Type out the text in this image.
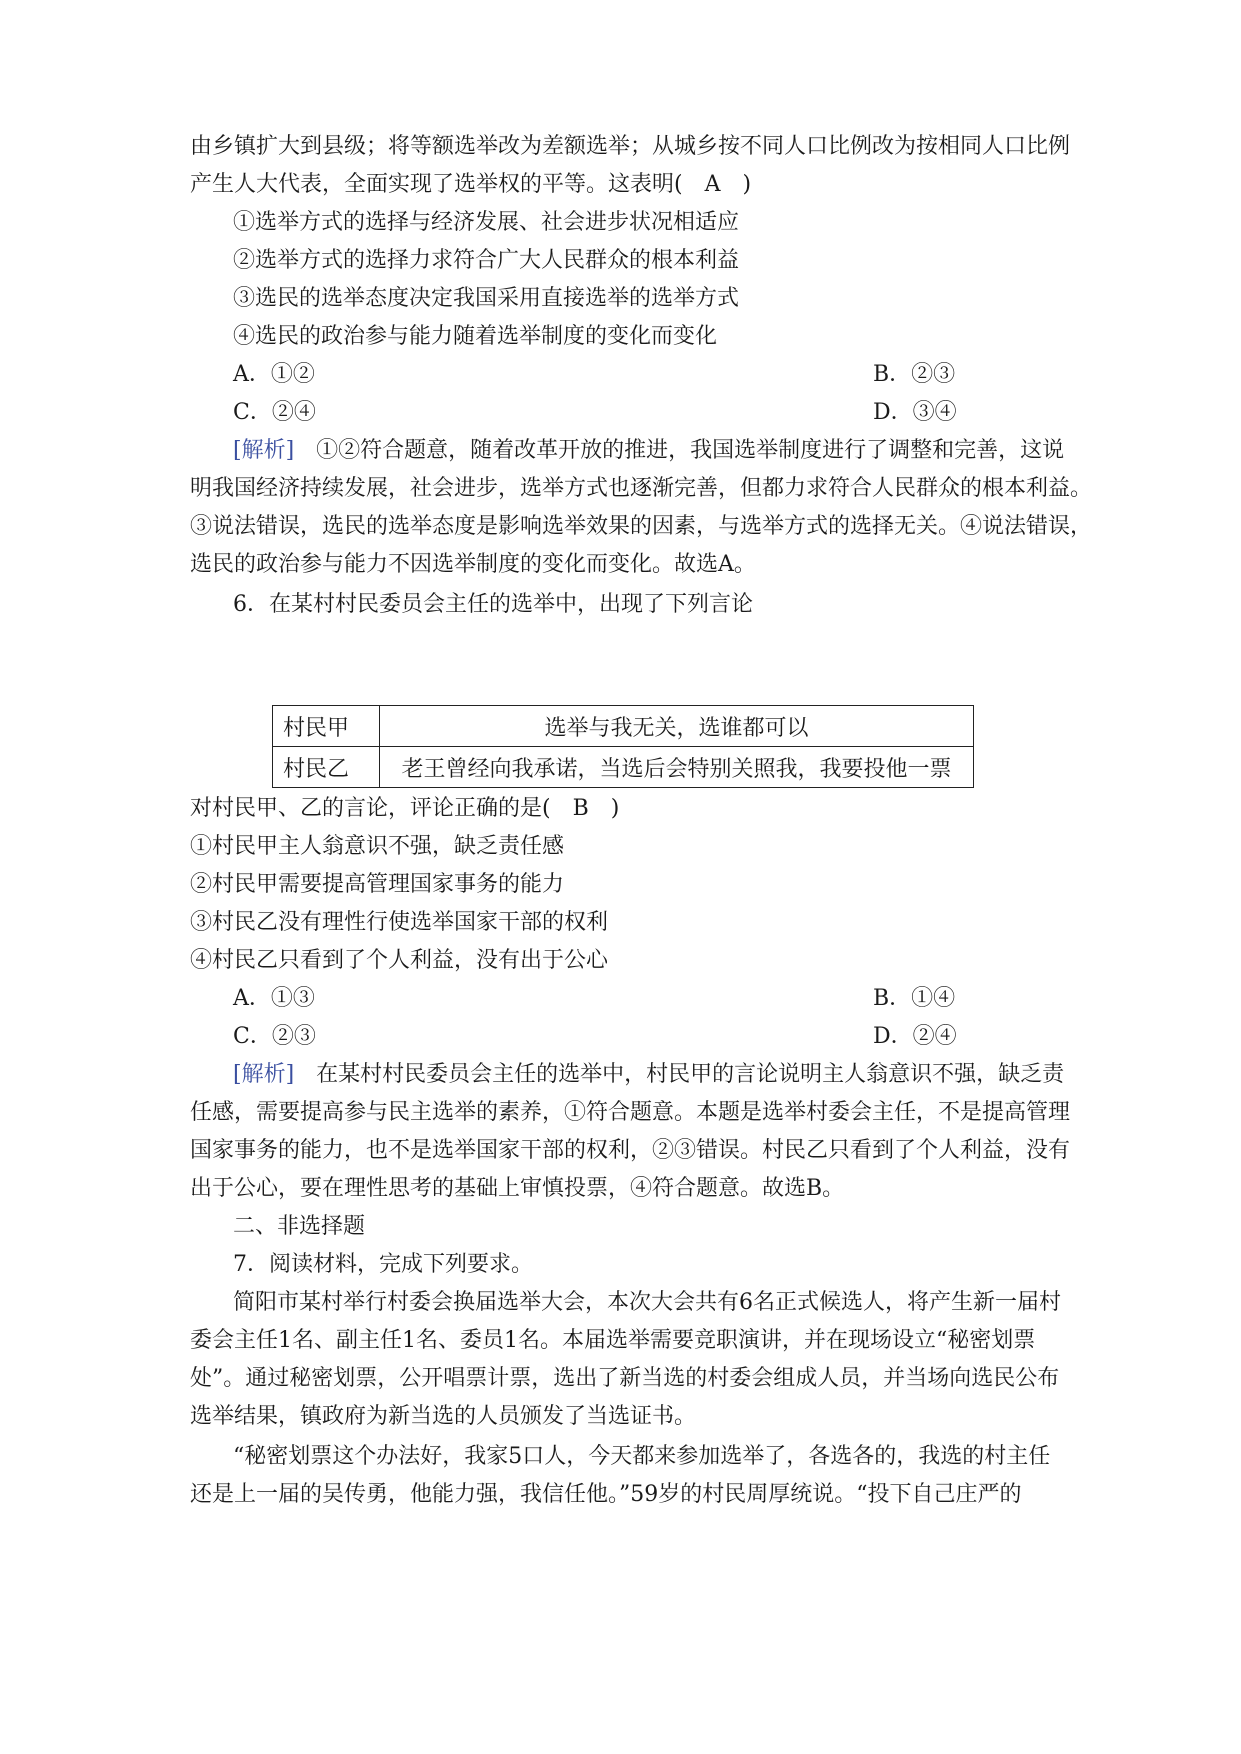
由乡镇扩大到县级；将等额选举改为差额选举；从城乡按不同人口比例改为按相同人口比例
产生人大代表，全面实现了选举权的平等。这表明(　A　)
①选举方式的选择与经济发展、社会进步状况相适应
②选举方式的选择力求符合广大人民群众的根本利益
③选民的选举态度决定我国采用直接选举的选举方式
④选民的政治参与能力随着选举制度的变化而变化
A．①②	B．②③
C．②④	D．③④
[解析]　①②符合题意，随着改革开放的推进，我国选举制度进行了调整和完善，这说
明我国经济持续发展，社会进步，选举方式也逐渐完善，但都力求符合人民群众的根本利益。
③说法错误，选民的选举态度是影响选举效果的因素，与选举方式的选择无关。④说法错误，
选民的政治参与能力不因选举制度的变化而变化。故选A。
6．在某村村民委员会主任的选举中，出现了下列言论
村民甲	选举与我无关，选谁都可以
村民乙	老王曾经向我承诺，当选后会特别关照我，我要投他一票
对村民甲、乙的言论，评论正确的是(　B　)
①村民甲主人翁意识不强，缺乏责任感
②村民甲需要提高管理国家事务的能力
③村民乙没有理性行使选举国家干部的权利
④村民乙只看到了个人利益，没有出于公心
A．①③	B．①④
C．②③	D．②④
[解析]　在某村村民委员会主任的选举中，村民甲的言论说明主人翁意识不强，缺乏责
任感，需要提高参与民主选举的素养，①符合题意。本题是选举村委会主任，不是提高管理
国家事务的能力，也不是选举国家干部的权利，②③错误。村民乙只看到了个人利益，没有
出于公心，要在理性思考的基础上审慎投票，④符合题意。故选B。
二、非选择题
7．阅读材料，完成下列要求。
简阳市某村举行村委会换届选举大会，本次大会共有6名正式候选人，将产生新一届村
委会主任1名、副主任1名、委员1名。本届选举需要竞职演讲，并在现场设立“秘密划票
处”。通过秘密划票，公开唱票计票，选出了新当选的村委会组成人员，并当场向选民公布
选举结果，镇政府为新当选的人员颁发了当选证书。
“秘密划票这个办法好，我家5口人，今天都来参加选举了，各选各的，我选的村主任
还是上一届的吴传勇，他能力强，我信任他。”59岁的村民周厚统说。“投下自己庄严的
